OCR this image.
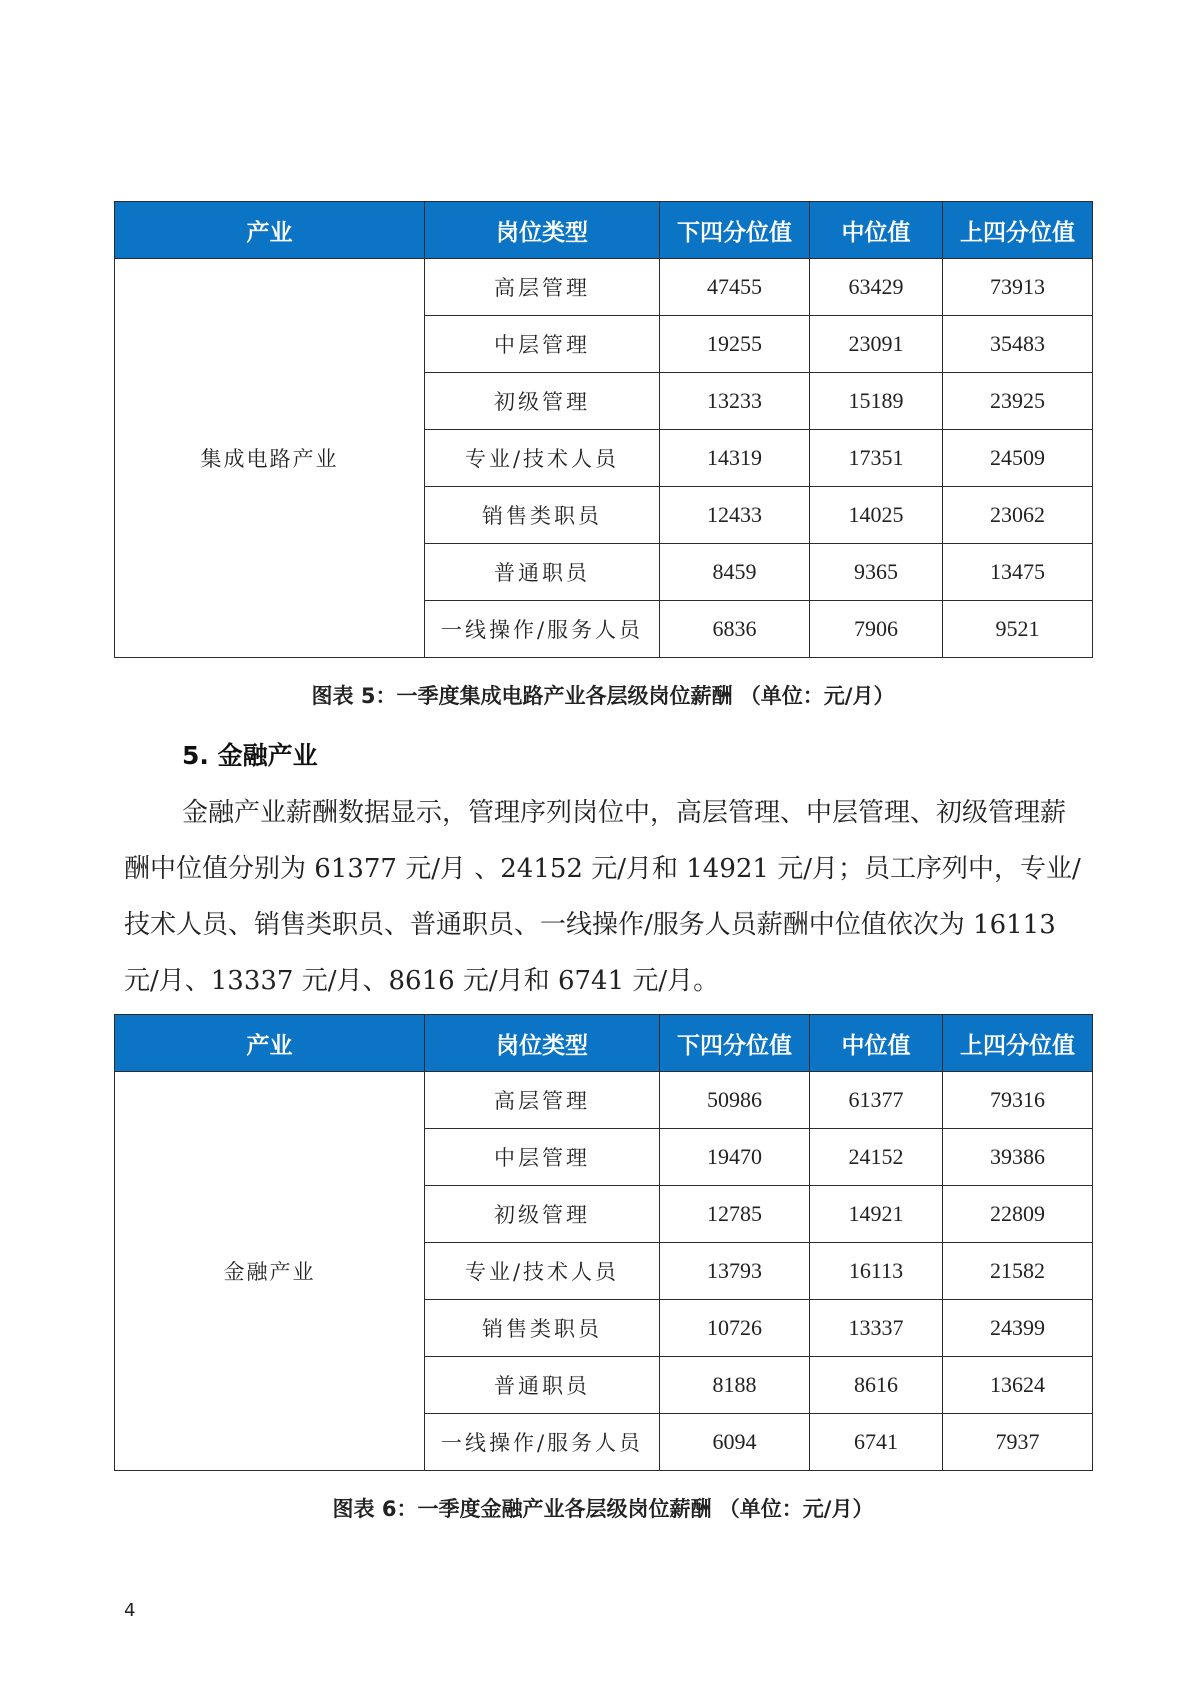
产业	岗位类型	下四分位值	中位值	上四分位值
集成电路产业	高层管理	47455	63429	73913
	中层管理	19255	23091	35483
	初级管理	13233	15189	23925
	专业/技术人员	14319	17351	24509
	销售类职员	12433	14025	23062
	普通职员	8459	9365	13475
	一线操作/服务人员	6836	7906	9521
图表 5：一季度集成电路产业各层级岗位薪酬 （单位：元/月）
5. 金融产业

金融产业薪酬数据显示，管理序列岗位中，高层管理、中层管理、初级管理薪酬中位值分别为 61377 元/月 、24152 元/月和 14921 元/月；员工序列中，专业/技术人员、销售类职员、普通职员、一线操作/服务人员薪酬中位值依次为 16113 元/月、13337 元/月、8616 元/月和 6741 元/月。

产业	岗位类型	下四分位值	中位值	上四分位值
金融产业	高层管理	50986	61377	79316
	中层管理	19470	24152	39386
	初级管理	12785	14921	22809
	专业/技术人员	13793	16113	21582
	销售类职员	10726	13337	24399
	普通职员	8188	8616	13624
	一线操作/服务人员	6094	6741	7937
图表 6：一季度金融产业各层级岗位薪酬 （单位：元/月）
4
